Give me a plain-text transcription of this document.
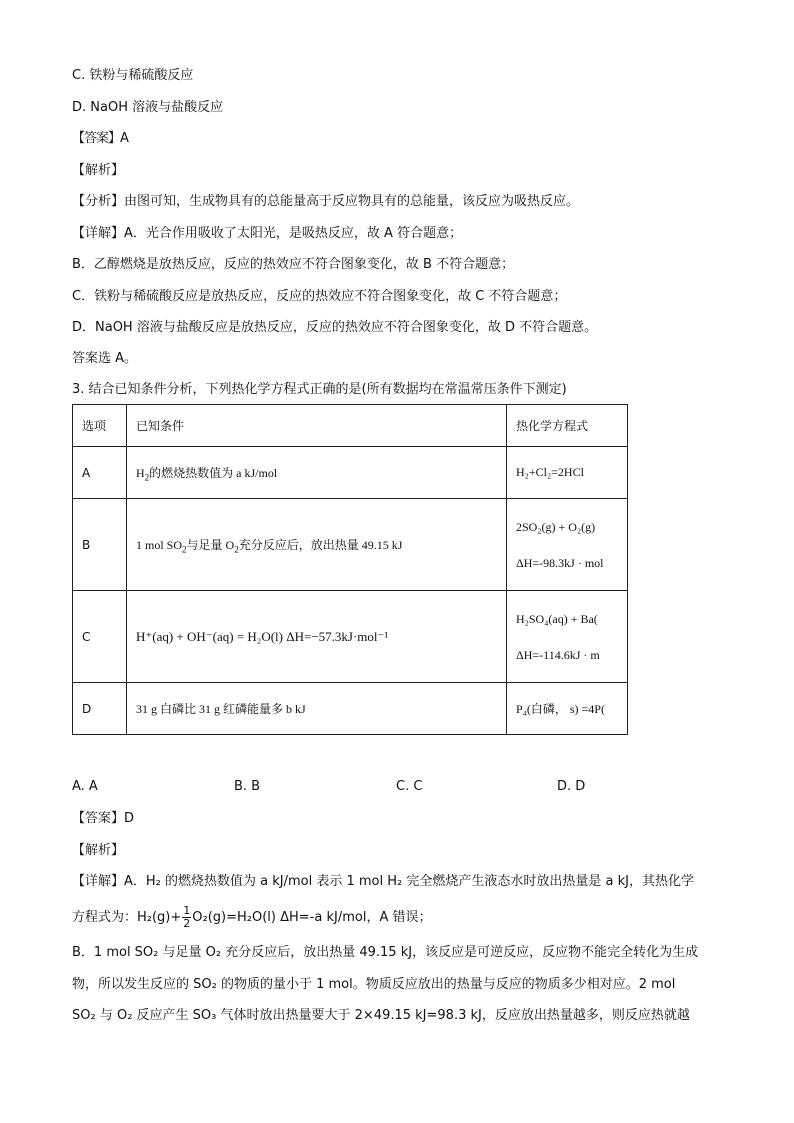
C. 铁粉与稀硫酸反应
D. NaOH 溶液与盐酸反应
【答案】A
【解析】
【分析】由图可知，生成物具有的总能量高于反应物具有的总能量，该反应为吸热反应。
【详解】A．光合作用吸收了太阳光，是吸热反应，故 A 符合题意；
B．乙醇燃烧是放热反应，反应的热效应不符合图象变化，故 B 不符合题意；
C．铁粉与稀硫酸反应是放热反应，反应的热效应不符合图象变化，故 C 不符合题意；
D．NaOH 溶液与盐酸反应是放热反应，反应的热效应不符合图象变化，故 D 不符合题意。
答案选 A。
3. 结合已知条件分析，下列热化学方程式正确的是(所有数据均在常温常压条件下测定)
选项	已知条件	热化学方程式
A	$H_2$的燃烧热数值为 a kJ/mol	H₂+Cl₂=2HCl
B	1 mol $SO_2$与足量 $O_2$充分反应后，放出热量 49.15 kJ	2SO₂(g) + O₂(g)
ΔH=-98.3kJ · mol

C	H⁺(aq) + OH⁻(aq) = H₂O(l) ΔH=−57.3kJ·mol⁻¹	H₂SO₄(aq) + Ba(
ΔH=-114.6kJ · m

D	31 g 白磷比 31 g 红磷能量多 b kJ	P₄(白磷， s) =4P(
A. A	B. B	C. C	D. D
【答案】D
【解析】
【详解】A．H₂ 的燃烧热数值为 a kJ/mol 表示 1 mol H₂ 完全燃烧产生液态水时放出热量是 a kJ，其热化学
方程式为：$H_2(g)+ \frac{1}{2} O_2(g)=H_2O(l)$ ΔH=-a kJ/mol，A 错误；
B．1 mol SO₂ 与足量 O₂ 充分反应后，放出热量 49.15 kJ，该反应是可逆反应，反应物不能完全转化为生成
物，所以发生反应的 SO₂ 的物质的量小于 1 mol。物质反应放出的热量与反应的物质多少相对应。2 mol
SO₂ 与 O₂ 反应产生 SO₃ 气体时放出热量要大于 2×49.15 kJ=98.3 kJ，反应放出热量越多，则反应热就越
